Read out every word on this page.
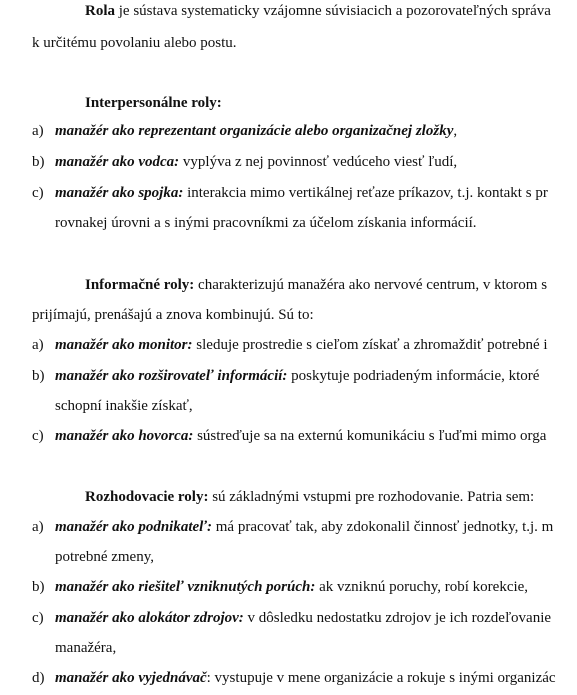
Rola je sústava systematicky vzájomne súvisiacich a pozorovateľných správa
k určitému povolaniu alebo postu.
Interpersonálne roly:
a) manažér ako reprezentant organizácie alebo organizačnej zložky,
b) manažér ako vodca: vyplýva z nej povinnosť vedúceho viesť ľudí,
c) manažér ako spojka: interakcia mimo vertikálnej reťaze príkazov, t.j. kontakt s pr
rovnakej úrovni a s inými pracovníkmi za účelom získania informácií.
Informačné roly: charakterizujú manažéra ako nervové centrum, v ktorom s
prijímajú, prenášajú a znova kombinujú. Sú to:
a) manažér ako monitor: sleduje prostredie s cieľom získať a zhromaždiť potrebné i
b) manažér ako rozširovateľ informácií: poskytuje podriadeným informácie, ktoré
schopní inakšie získať,
c) manažér ako hovorca: sústreďuje sa na externú komunikáciu s ľuďmi mimo orga
Rozhodovacie roly: sú základnými vstupmi pre rozhodovanie. Patria sem:
a) manažér ako podnikateľ: má pracovať tak, aby zdokonalil činnosť jednotky, t.j. m
potrebné zmeny,
b) manažér ako riešiteľ vzniknutých porúch: ak vzniknú poruchy, robí korekcie,
c) manažér ako alokátor zdrojov: v dôsledku nedostatku zdrojov je ich rozdeľovanie
manažéra,
d) manažér ako vyjednávač: vystupuje v mene organizácie a rokuje s inými organizác
